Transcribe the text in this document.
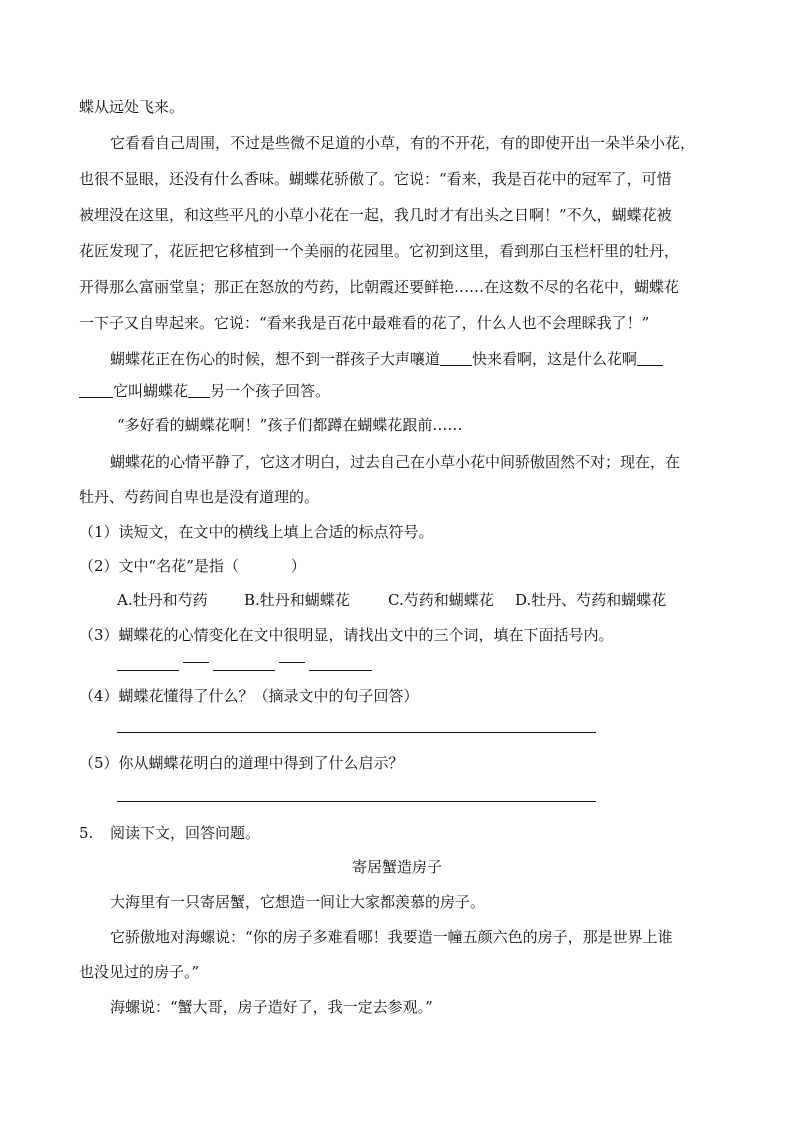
蝶从远处飞来。
它看看自己周围，不过是些微不足道的小草，有的不开花，有的即使开出一朵半朵小花，
也很不显眼，还没有什么香味。蝴蝶花骄傲了。它说：“看来，我是百花中的冠军了，可惜
被埋没在这里，和这些平凡的小草小花在一起，我几时才有出头之日啊！”不久，蝴蝶花被
花匠发现了，花匠把它移植到一个美丽的花园里。它初到这里，看到那白玉栏杆里的牡丹，
开得那么富丽堂皇；那正在怒放的芍药，比朝霞还要鲜艳……在这数不尽的名花中，蝴蝶花
一下子又自卑起来。它说：“看来我是百花中最难看的花了，什么人也不会理睬我了！”
蝴蝶花正在伤心的时候，想不到一群孩子大声嚷道 快来看啊，这是什么花啊
它叫蝴蝶花 另一个孩子回答。
“多好看的蝴蝶花啊！”孩子们都蹲在蝴蝶花跟前……
蝴蝶花的心情平静了，它这才明白，过去自己在小草小花中间骄傲固然不对；现在，在
牡丹、芍药间自卑也是没有道理的。
（1）读短文，在文中的横线上填上合适的标点符号。
（2）文中“名花”是指（	）
A.牡丹和芍药 B.牡丹和蝴蝶花	C.芍药和蝴蝶花 D.牡丹、芍药和蝴蝶花
（3）蝴蝶花的心情变化在文中很明显，请找出文中的三个词，填在下面括号内。
（4）蝴蝶花懂得了什么？（摘录文中的句子回答）
（5）你从蝴蝶花明白的道理中得到了什么启示？
5. 阅读下文，回答问题。
寄居蟹造房子
大海里有一只寄居蟹，它想造一间让大家都羡慕的房子。
它骄傲地对海螺说：“你的房子多难看哪！我要造一幢五颜六色的房子，那是世界上谁
也没见过的房子。”
海螺说：“蟹大哥，房子造好了，我一定去参观。”
